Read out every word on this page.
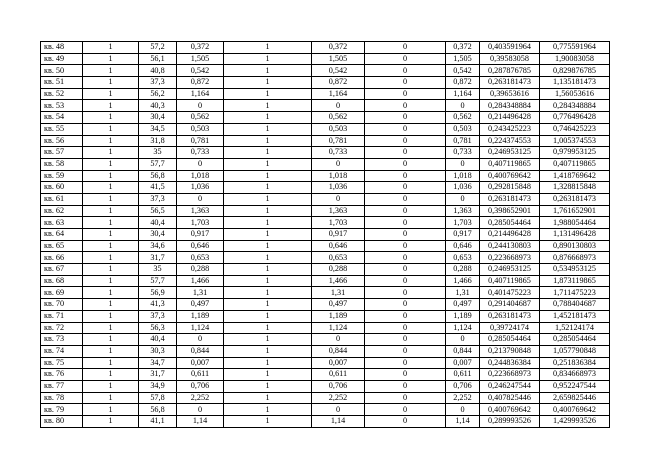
кв. 48	1	57,2	0,372	1	0,372	0	0,372	0,403591964	0,775591964
кв. 49	1	56,1	1,505	1	1,505	0	1,505	0,39583058	1,90083058
кв. 50	1	40,8	0,542	1	0,542	0	0,542	0,287876785	0,829876785
кв. 51	1	37,3	0,872	1	0,872	0	0,872	0,263181473	1,135181473
кв. 52	1	56,2	1,164	1	1,164	0	1,164	0,39653616	1,56053616
кв. 53	1	40,3	0	1	0	0	0	0,284348884	0,284348884
кв. 54	1	30,4	0,562	1	0,562	0	0,562	0,214496428	0,776496428
кв. 55	1	34,5	0,503	1	0,503	0	0,503	0,243425223	0,746425223
кв. 56	1	31,8	0,781	1	0,781	0	0,781	0,224374553	1,005374553
кв. 57	1	35	0,733	1	0,733	0	0,733	0,246953125	0,979953125
кв. 58	1	57,7	0	1	0	0	0	0,407119865	0,407119865
кв. 59	1	56,8	1,018	1	1,018	0	1,018	0,400769642	1,418769642
кв. 60	1	41,5	1,036	1	1,036	0	1,036	0,292815848	1,328815848
кв. 61	1	37,3	0	1	0	0	0	0,263181473	0,263181473
кв. 62	1	56,5	1,363	1	1,363	0	1,363	0,398652901	1,761652901
кв. 63	1	40,4	1,703	1	1,703	0	1,703	0,285054464	1,988054464
кв. 64	1	30,4	0,917	1	0,917	0	0,917	0,214496428	1,131496428
кв. 65	1	34,6	0,646	1	0,646	0	0,646	0,244130803	0,890130803
кв. 66	1	31,7	0,653	1	0,653	0	0,653	0,223668973	0,876668973
кв. 67	1	35	0,288	1	0,288	0	0,288	0,246953125	0,534953125
кв. 68	1	57,7	1,466	1	1,466	0	1,466	0,407119865	1,873119865
кв. 69	1	56,9	1,31	1	1,31	0	1,31	0,401475223	1,711475223
кв. 70	1	41,3	0,497	1	0,497	0	0,497	0,291404687	0,788404687
кв. 71	1	37,3	1,189	1	1,189	0	1,189	0,263181473	1,452181473
кв. 72	1	56,3	1,124	1	1,124	0	1,124	0,39724174	1,52124174
кв. 73	1	40,4	0	1	0	0	0	0,285054464	0,285054464
кв. 74	1	30,3	0,844	1	0,844	0	0,844	0,213790848	1,057790848
кв. 75	1	34,7	0,007	1	0,007	0	0,007	0,244836384	0,251836384
кв. 76	1	31,7	0,611	1	0,611	0	0,611	0,223668973	0,834668973
кв. 77	1	34,9	0,706	1	0,706	0	0,706	0,246247544	0,952247544
кв. 78	1	57,8	2,252	1	2,252	0	2,252	0,407825446	2,659825446
кв. 79	1	56,8	0	1	0	0	0	0,400769642	0,400769642
кв. 80	1	41,1	1,14	1	1,14	0	1,14	0,289993526	1,429993526
